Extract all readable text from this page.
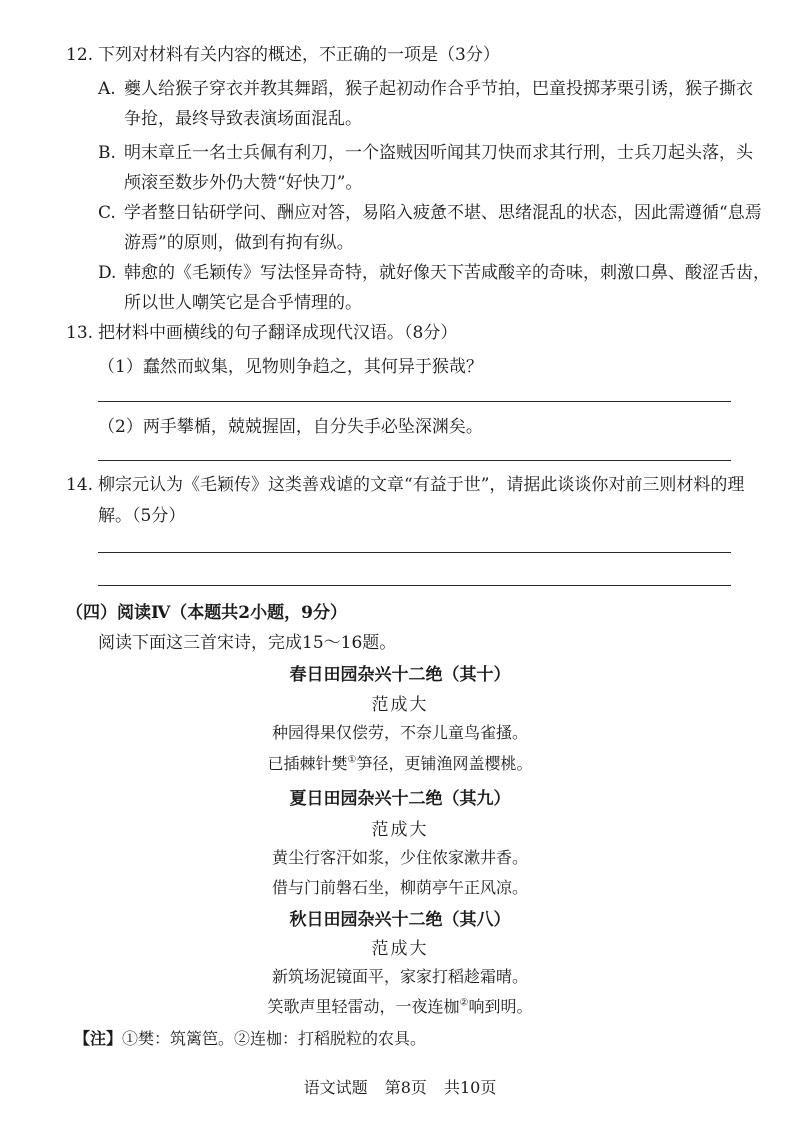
12. 下列对材料有关内容的概述，不正确的一项是（3分）
A. 夔人给猴子穿衣并教其舞蹈，猴子起初动作合乎节拍，巴童投掷茅栗引诱，猴子撕衣
争抢，最终导致表演场面混乱。
B. 明末章丘一名士兵佩有利刀，一个盗贼因听闻其刀快而求其行刑，士兵刀起头落，头
颅滚至数步外仍大赞“好快刀”。
C. 学者整日钻研学问、酬应对答，易陷入疲惫不堪、思绪混乱的状态，因此需遵循“息焉
游焉”的原则，做到有拘有纵。
D. 韩愈的《毛颖传》写法怪异奇特，就好像天下苦咸酸辛的奇味，刺激口鼻、酸涩舌齿，
所以世人嘲笑它是合乎情理的。
13. 把材料中画横线的句子翻译成现代汉语。（8分）
（1）蠢然而蚁集，见物则争趋之，其何异于猴哉？
（2）两手攀楯，兢兢握固，自分失手必坠深渊矣。
14. 柳宗元认为《毛颖传》这类善戏谑的文章“有益于世”，请据此谈谈你对前三则材料的理
解。（5分）
（四）阅读Ⅳ（本题共2小题，9分）
阅读下面这三首宋诗，完成15～16题。
春日田园杂兴十二绝（其十）
范成大
种园得果仅偿劳，不奈儿童鸟雀搔。
已插棘针樊①笋径，更铺渔网盖樱桃。
夏日田园杂兴十二绝（其九）
范成大
黄尘行客汗如浆，少住侬家漱井香。
借与门前磐石坐，柳荫亭午正风凉。
秋日田园杂兴十二绝（其八）
范成大
新筑场泥镜面平，家家打稻趁霜晴。
笑歌声里轻雷动，一夜连枷②响到明。
【注】①樊：筑篱笆。②连枷：打稻脱粒的农具。
语文试题 第8页 共10页
